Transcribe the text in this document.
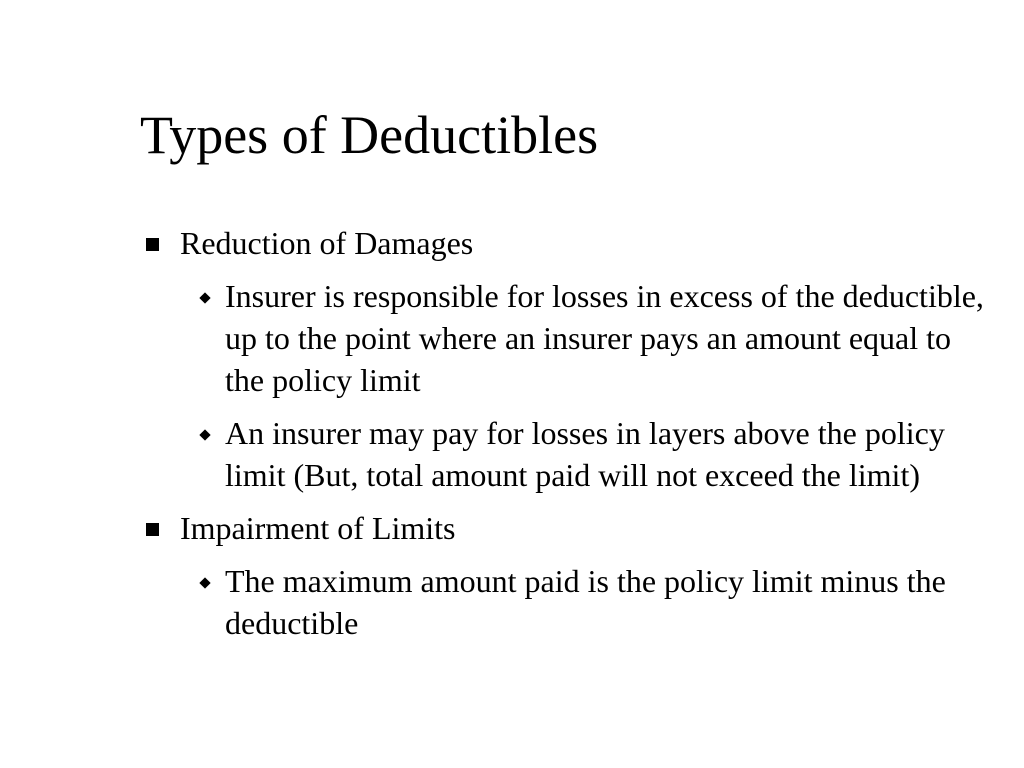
Types of Deductibles
Reduction of Damages
Insurer is responsible for losses in excess of the deductible, up to the point where an insurer pays an amount equal to the policy limit
An insurer may pay for losses in layers above the policy limit (But, total amount paid will not exceed the limit)
Impairment of Limits
The maximum amount paid is the policy limit minus the deductible
